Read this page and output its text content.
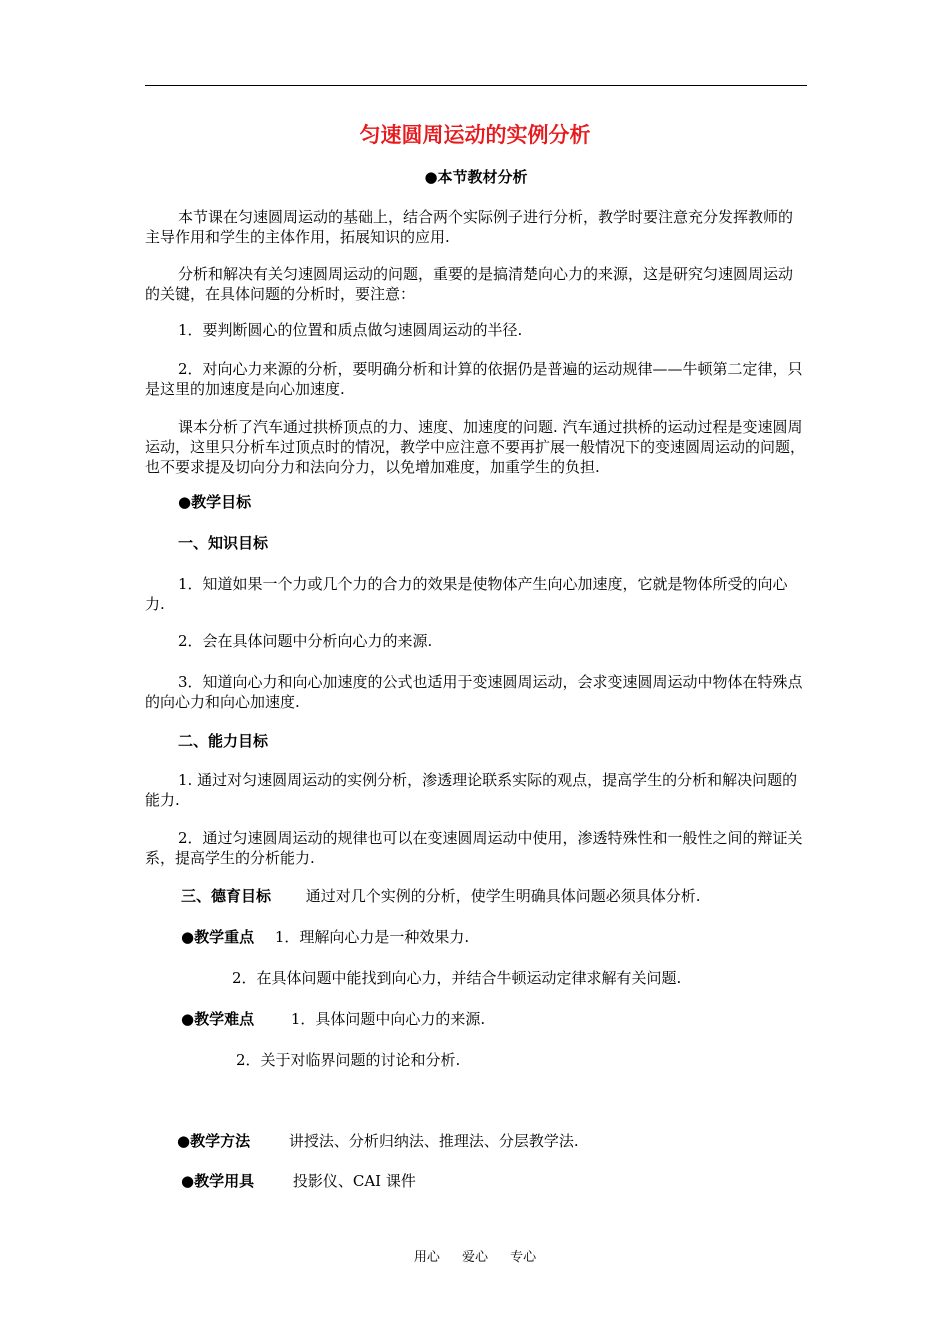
匀速圆周运动的实例分析
●本节教材分析

本节课在匀速圆周运动的基础上，结合两个实际例子进行分析，教学时要注意充分发挥教师的主导作用和学生的主体作用，拓展知识的应用.

分析和解决有关匀速圆周运动的问题，重要的是搞清楚向心力的来源，这是研究匀速圆周运动的关键，在具体问题的分析时，要注意：

1．要判断圆心的位置和质点做匀速圆周运动的半径.

2．对向心力来源的分析，要明确分析和计算的依据仍是普遍的运动规律——牛顿第二定律，只是这里的加速度是向心加速度.

课本分析了汽车通过拱桥顶点的力、速度、加速度的问题. 汽车通过拱桥的运动过程是变速圆周运动，这里只分析车过顶点时的情况，教学中应注意不要再扩展一般情况下的变速圆周运动的问题，也不要求提及切向分力和法向分力，以免增加难度，加重学生的负担.

●教学目标
一、知识目标

1．知道如果一个力或几个力的合力的效果是使物体产生向心加速度，它就是物体所受的向心力.

2．会在具体问题中分析向心力的来源.

3．知道向心力和向心加速度的公式也适用于变速圆周运动，会求变速圆周运动中物体在特殊点的向心力和向心加速度.

二、能力目标

1. 通过对匀速圆周运动的实例分析，渗透理论联系实际的观点，提高学生的分析和解决问题的能力.

2．通过匀速圆周运动的规律也可以在变速圆周运动中使用，渗透特殊性和一般性之间的辩证关系，提高学生的分析能力.

三、德育目标 通过对几个实例的分析，使学生明确具体问题必须具体分析.
●教学重点 1．理解向心力是一种效果力.
2．在具体问题中能找到向心力，并结合牛顿运动定律求解有关问题.
●教学难点 1．具体问题中向心力的来源.
2．关于对临界问题的讨论和分析.
●教学方法	讲授法、分析归纳法、推理法、分层教学法.
●教学用具	投影仪、CAI 课件
用心 爱心 专心
